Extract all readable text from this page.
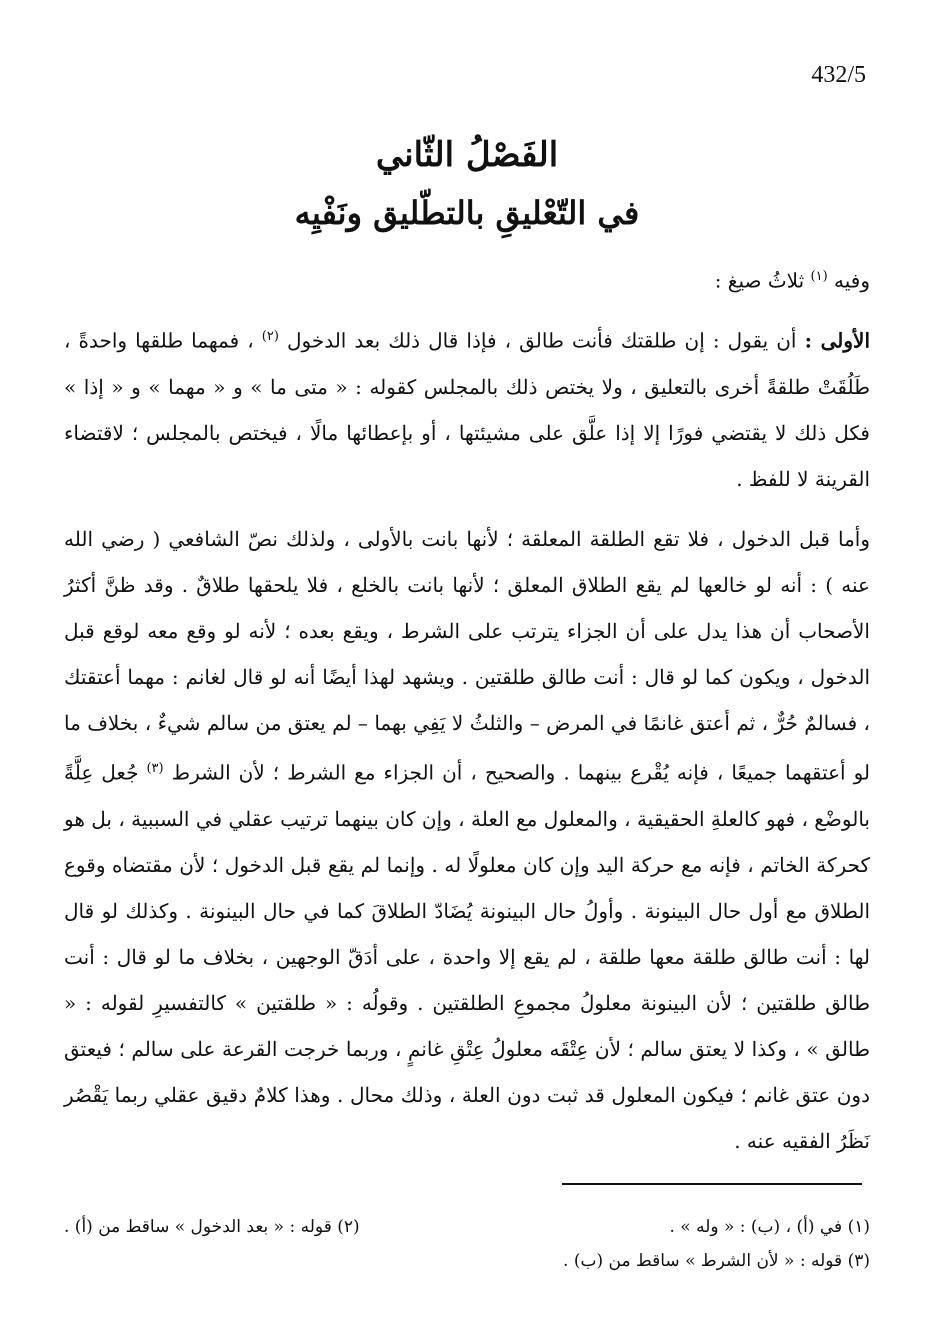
432/5
الفَصْلُ الثّاني
في التّعْليقِ بالتطّليق ونَفْيِه
وفيه $^{(١)}$ ثلاثُ صيغ :
الأولى : أن يقول : إن طلقتك فأنت طالق ، فإذا قال ذلك بعد الدخول $^{(٢)}$ ، فمهما طلقها واحدةً ، طَلُقَتْ طلقةً أخرى بالتعليق ، ولا يختص ذلك بالمجلس كقوله : « متى ما » و « مهما » و « إذا » فكل ذلك لا يقتضي فورًا إلا إذا علَّق على مشيئتها ، أو بإعطائها مالًا ، فيختص بالمجلس ؛ لاقتضاء القرينة لا للفظ .
وأما قبل الدخول ، فلا تقع الطلقة المعلقة ؛ لأنها بانت بالأولى ، ولذلك نصّ الشافعي ( رضي الله عنه ) : أنه لو خالعها لم يقع الطلاق المعلق ؛ لأنها بانت بالخلع ، فلا يلحقها طلاقٌ . وقد ظنَّ أكثرُ الأصحاب أن هذا يدل على أن الجزاء يترتب على الشرط ، ويقع بعده ؛ لأنه لو وقع معه لوقع قبل الدخول ، ويكون كما لو قال : أنت طالق طلقتين . ويشهد لهذا أيضًا أنه لو قال لغانم : مهما أعتقتك ، فسالمٌ حُرٌّ ، ثم أعتق غانمًا في المرض – والثلثُ لا يَفِي بهما – لم يعتق من سالم شيءٌ ، بخلاف ما لو أعتقهما جميعًا ، فإنه يُقْرع بينهما . والصحيح ، أن الجزاء مع الشرط ؛ لأن الشرط $^{(٣)}$ جُعل عِلَّةً بالوضْع ، فهو كالعلةِ الحقيقية ، والمعلول مع العلة ، وإن كان بينهما ترتيب عقلي في السببية ، بل هو كحركة الخاتم ، فإنه مع حركة اليد وإن كان معلولًا له . وإنما لم يقع قبل الدخول ؛ لأن مقتضاه وقوع الطلاق مع أول حال البينونة . وأولُ حال البينونة يُضَادّ الطلاقَ كما في حال البينونة . وكذلك لو قال لها : أنت طالق طلقة معها طلقة ، لم يقع إلا واحدة ، على أدَقّ الوجهين ، بخلاف ما لو قال : أنت طالق طلقتين ؛ لأن البينونة معلولُ مجموعِ الطلقتين . وقولُه : « طلقتين » كالتفسيرِ لقوله : « طالق » ، وكذا لا يعتق سالم ؛ لأن عِتْقَه معلولُ عِتْقِ غانمٍ ، وربما خرجت القرعة على سالم ؛ فيعتق دون عتق غانم ؛ فيكون المعلول قد ثبت دون العلة ، وذلك محال . وهذا كلامٌ دقيق عقلي ربما يَقْصُر نَظَرُ الفقيه عنه .
(١) في (أ) ، (ب) : « وله » .
(٢) قوله : « بعد الدخول » ساقط من (أ) .
(٣) قوله : « لأن الشرط » ساقط من (ب) .
